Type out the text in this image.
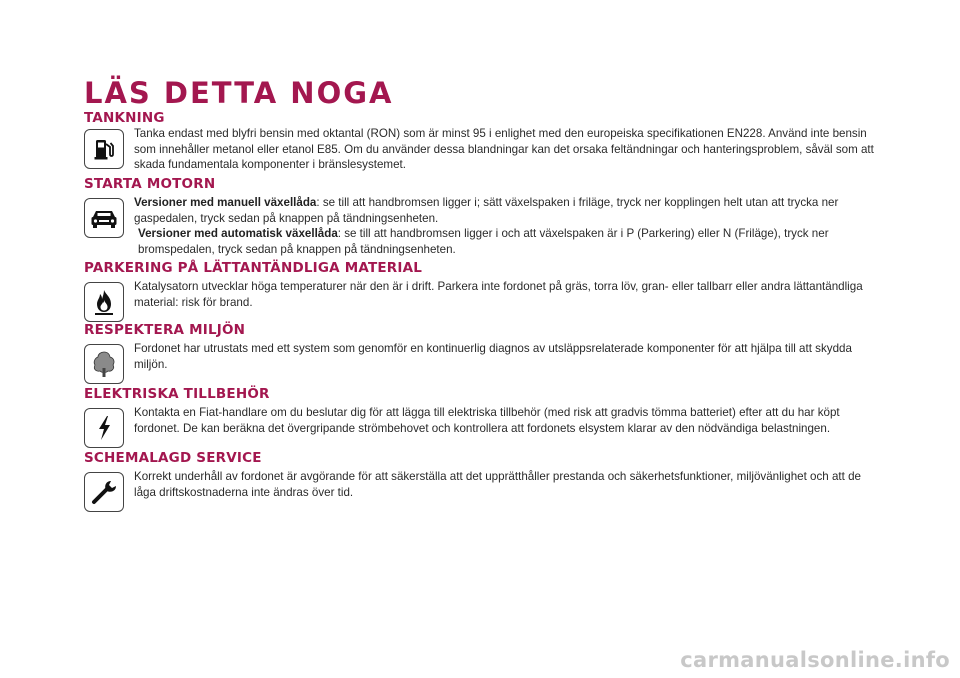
LÄS DETTA NOGA
TANKNING

Tanka endast med blyfri bensin med oktantal (RON) som är minst 95 i enlighet med den europeiska specifikationen EN228. Använd inte bensin som innehåller metanol eller etanol E85. Om du använder dessa blandningar kan det orsaka feltändningar och hanteringsproblem, såväl som att skada fundamentala komponenter i bränslesystemet.

STARTA MOTORN

Versioner med manuell växellåda: se till att handbromsen ligger i; sätt växelspaken i friläge, tryck ner kopplingen helt utan att trycka ner gaspedalen, tryck sedan på knappen på tändningsenheten.

Versioner med automatisk växellåda: se till att handbromsen ligger i och att växelspaken är i P (Parkering) eller N (Friläge), tryck ner bromspedalen, tryck sedan på knappen på tändningsenheten.

PARKERING PÅ LÄTTANTÄNDLIGA MATERIAL

Katalysatorn utvecklar höga temperaturer när den är i drift. Parkera inte fordonet på gräs, torra löv, gran- eller tallbarr eller andra lättantändliga material: risk för brand.

RESPEKTERA MILJÖN

Fordonet har utrustats med ett system som genomför en kontinuerlig diagnos av utsläppsrelaterade komponenter för att hjälpa till att skydda miljön.

ELEKTRISKA TILLBEHÖR

Kontakta en Fiat-handlare om du beslutar dig för att lägga till elektriska tillbehör (med risk att gradvis tömma batteriet) efter att du har köpt fordonet. De kan beräkna det övergripande strömbehovet och kontrollera att fordonets elsystem klarar av den nödvändiga belastningen.

SCHEMALAGD SERVICE

Korrekt underhåll av fordonet är avgörande för att säkerställa att det upprätthåller prestanda och säkerhetsfunktioner, miljövänlighet och att de låga driftskostnaderna inte ändras över tid.

carmanualsonline.info
